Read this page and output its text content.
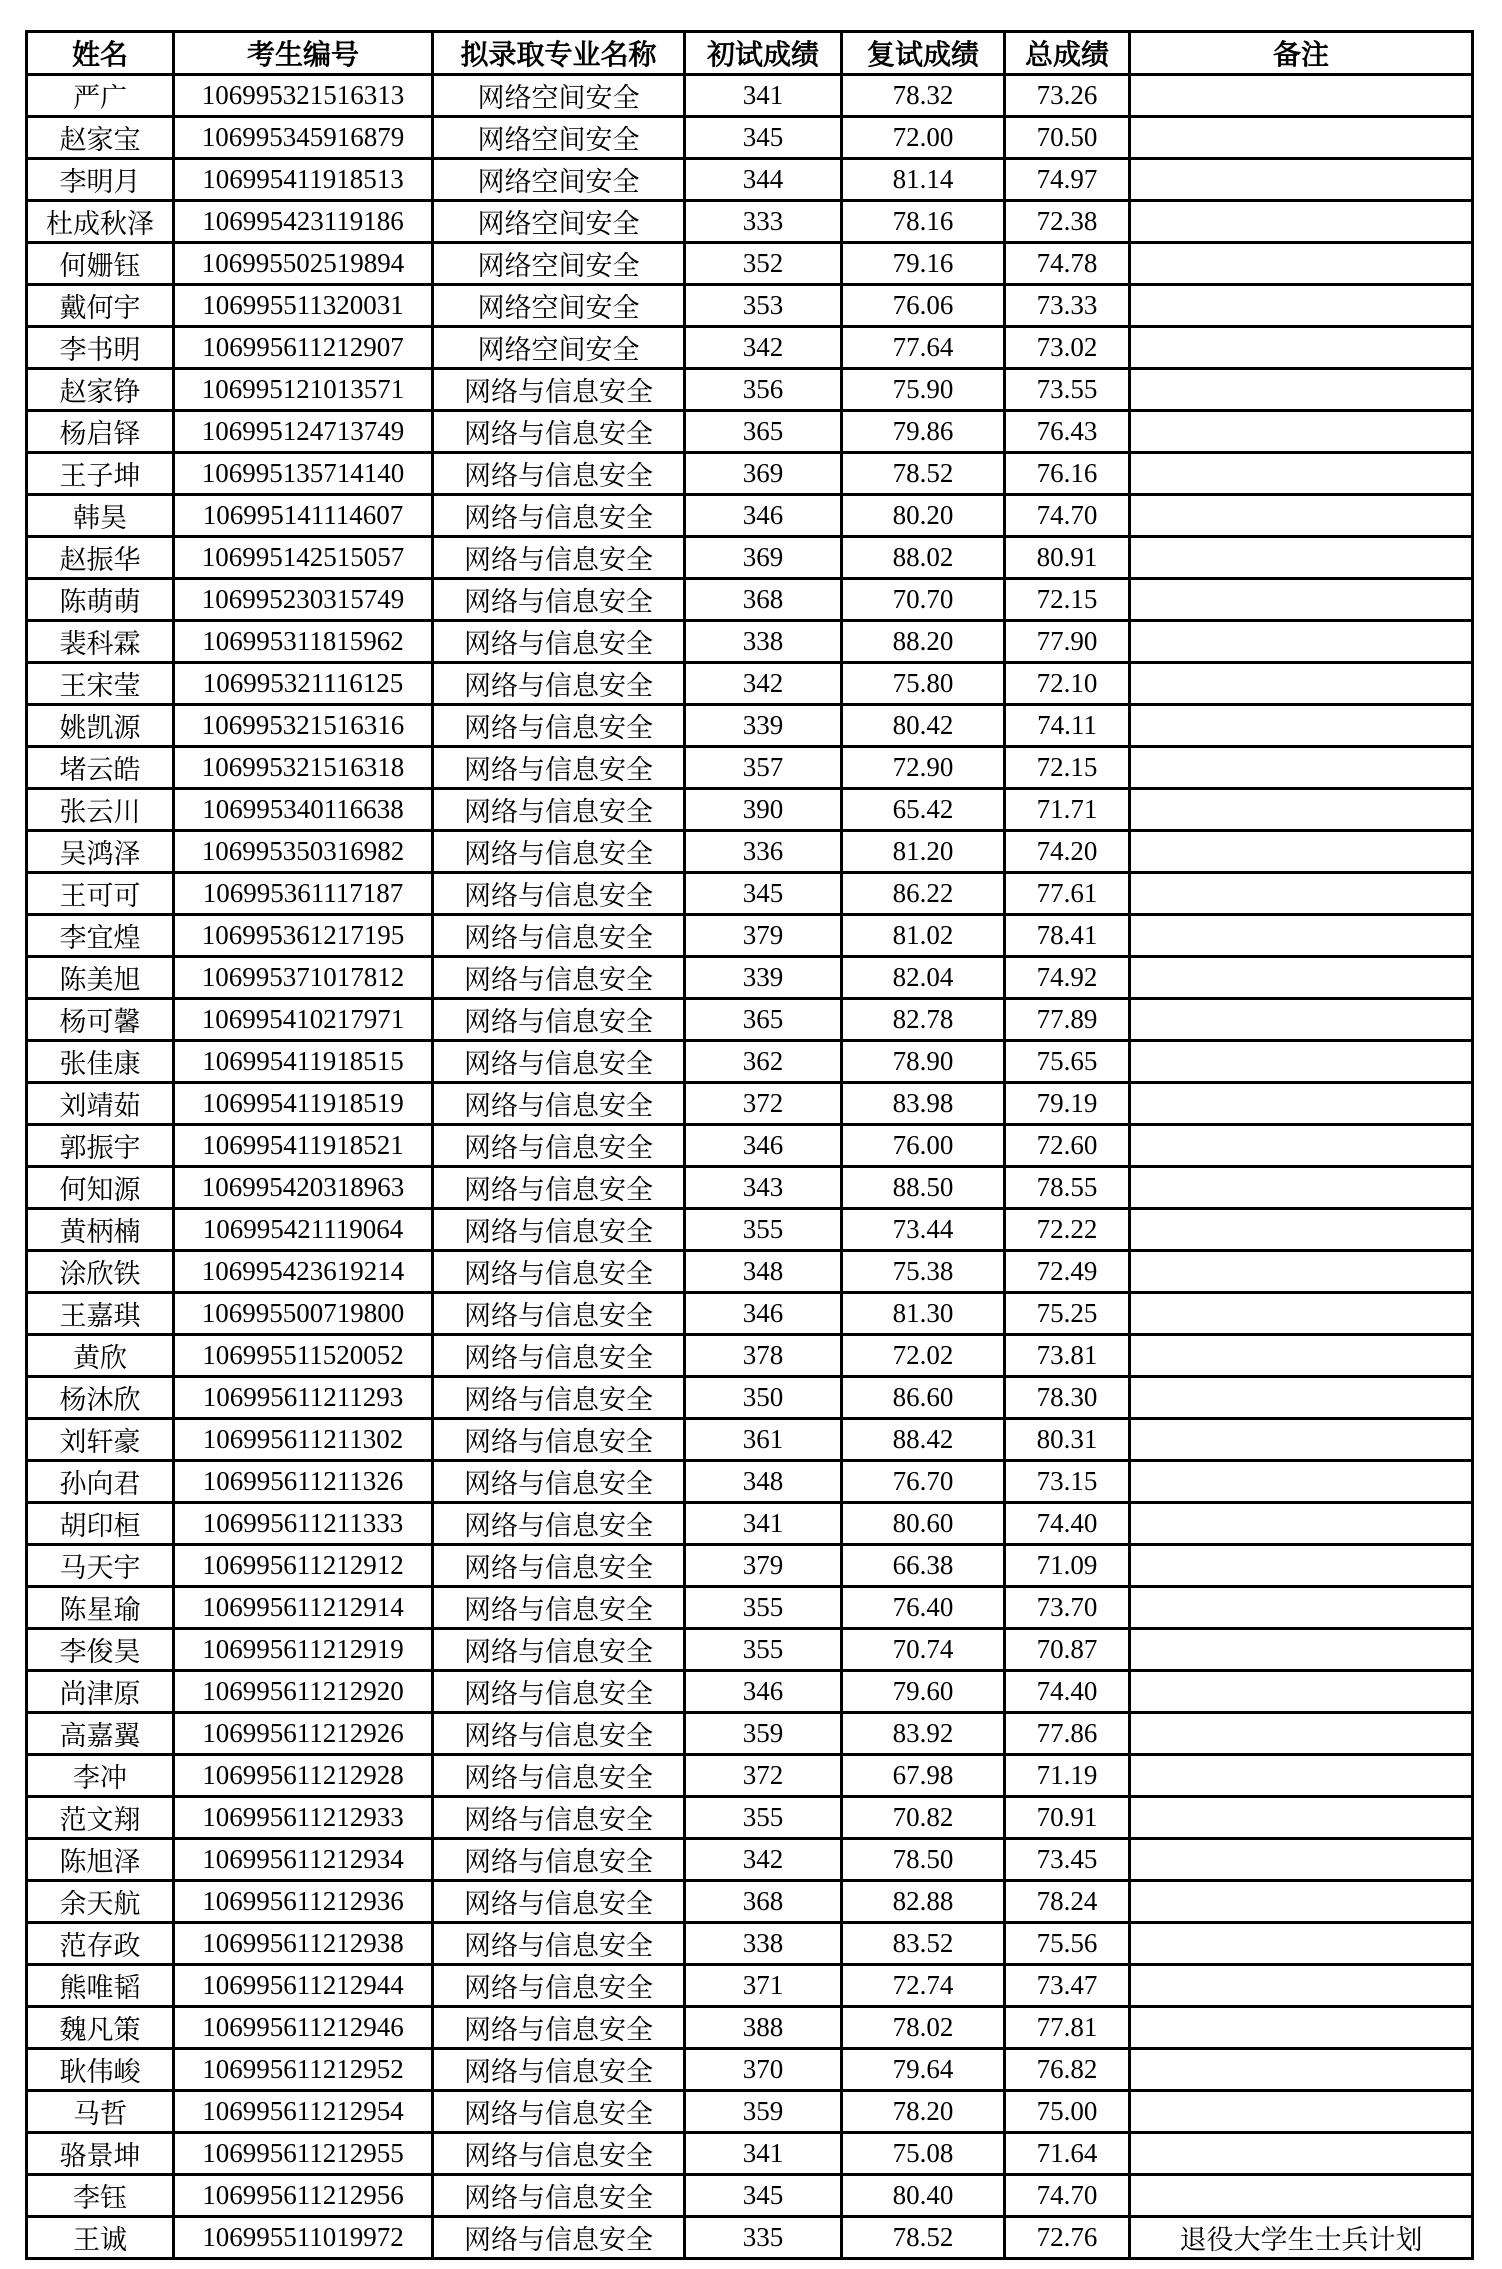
姓名	考生编号	拟录取专业名称	初试成绩	复试成绩	总成绩	备注
严广	106995321516313	网络空间安全	341	78.32	73.26	
赵家宝	106995345916879	网络空间安全	345	72.00	70.50	
李明月	106995411918513	网络空间安全	344	81.14	74.97	
杜成秋泽	106995423119186	网络空间安全	333	78.16	72.38	
何姗钰	106995502519894	网络空间安全	352	79.16	74.78	
戴何宇	106995511320031	网络空间安全	353	76.06	73.33	
李书明	106995611212907	网络空间安全	342	77.64	73.02	
赵家铮	106995121013571	网络与信息安全	356	75.90	73.55	
杨启铎	106995124713749	网络与信息安全	365	79.86	76.43	
王子坤	106995135714140	网络与信息安全	369	78.52	76.16	
韩昊	106995141114607	网络与信息安全	346	80.20	74.70	
赵振华	106995142515057	网络与信息安全	369	88.02	80.91	
陈萌萌	106995230315749	网络与信息安全	368	70.70	72.15	
裴科霖	106995311815962	网络与信息安全	338	88.20	77.90	
王宋莹	106995321116125	网络与信息安全	342	75.80	72.10	
姚凯源	106995321516316	网络与信息安全	339	80.42	74.11	
堵云皓	106995321516318	网络与信息安全	357	72.90	72.15	
张云川	106995340116638	网络与信息安全	390	65.42	71.71	
吴鸿泽	106995350316982	网络与信息安全	336	81.20	74.20	
王可可	106995361117187	网络与信息安全	345	86.22	77.61	
李宜煌	106995361217195	网络与信息安全	379	81.02	78.41	
陈美旭	106995371017812	网络与信息安全	339	82.04	74.92	
杨可馨	106995410217971	网络与信息安全	365	82.78	77.89	
张佳康	106995411918515	网络与信息安全	362	78.90	75.65	
刘靖茹	106995411918519	网络与信息安全	372	83.98	79.19	
郭振宇	106995411918521	网络与信息安全	346	76.00	72.60	
何知源	106995420318963	网络与信息安全	343	88.50	78.55	
黄柄楠	106995421119064	网络与信息安全	355	73.44	72.22	
涂欣铁	106995423619214	网络与信息安全	348	75.38	72.49	
王嘉琪	106995500719800	网络与信息安全	346	81.30	75.25	
黄欣	106995511520052	网络与信息安全	378	72.02	73.81	
杨沐欣	106995611211293	网络与信息安全	350	86.60	78.30	
刘轩豪	106995611211302	网络与信息安全	361	88.42	80.31	
孙向君	106995611211326	网络与信息安全	348	76.70	73.15	
胡印桓	106995611211333	网络与信息安全	341	80.60	74.40	
马天宇	106995611212912	网络与信息安全	379	66.38	71.09	
陈星瑜	106995611212914	网络与信息安全	355	76.40	73.70	
李俊昊	106995611212919	网络与信息安全	355	70.74	70.87	
尚津原	106995611212920	网络与信息安全	346	79.60	74.40	
高嘉翼	106995611212926	网络与信息安全	359	83.92	77.86	
李冲	106995611212928	网络与信息安全	372	67.98	71.19	
范文翔	106995611212933	网络与信息安全	355	70.82	70.91	
陈旭泽	106995611212934	网络与信息安全	342	78.50	73.45	
余天航	106995611212936	网络与信息安全	368	82.88	78.24	
范存政	106995611212938	网络与信息安全	338	83.52	75.56	
熊唯韬	106995611212944	网络与信息安全	371	72.74	73.47	
魏凡策	106995611212946	网络与信息安全	388	78.02	77.81	
耿伟峻	106995611212952	网络与信息安全	370	79.64	76.82	
马哲	106995611212954	网络与信息安全	359	78.20	75.00	
骆景坤	106995611212955	网络与信息安全	341	75.08	71.64	
李钰	106995611212956	网络与信息安全	345	80.40	74.70	
王诚	106995511019972	网络与信息安全	335	78.52	72.76	退役大学生士兵计划
